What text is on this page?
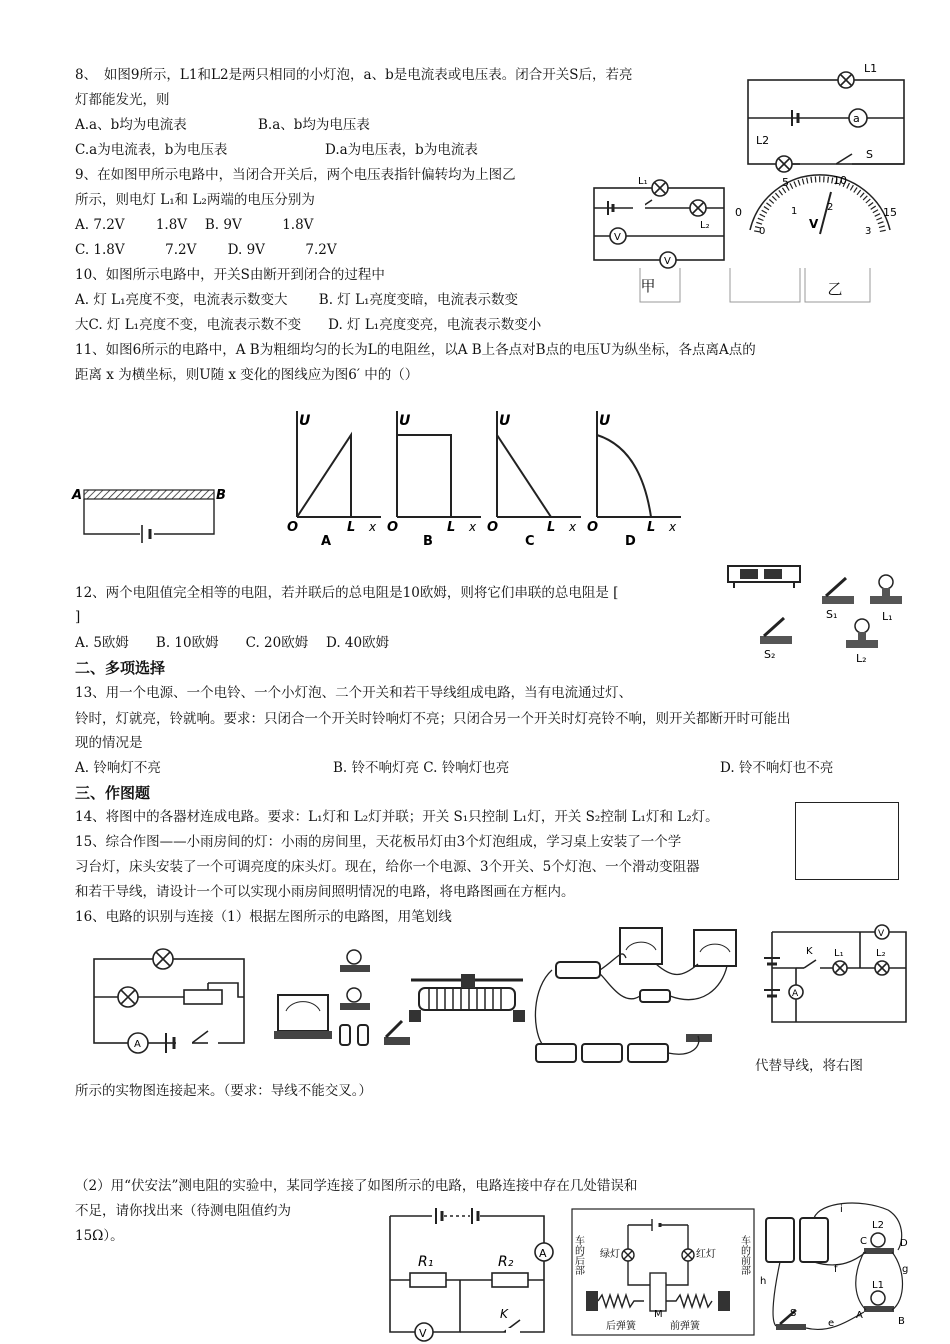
8、　如图9所示，L1和L2是两只相同的小灯泡，a、b是电流表或电压表。闭合开关S后，若亮
灯都能发光，则
A.a、b均为电流表	B.a、b均为电压表
C.a为电流表，b为电压表	D.a为电压表，b为电流表
L1
a
L2
S
9、在如图甲所示电路中，当闭合开关后，两个电压表指针偏转均为上图乙
所示，则电灯 L₁和 L₂两端的电压分别为
A. 7.2V　　 1.8V　 B. 9V　　　1.8V
C. 1.8V　　　7.2V　　 D. 9V　　　7.2V
L₁
L₂
V
V
0
5	10
15
0
1	2
3
V
甲	乙
10、如图所示电路中，开关S由断开到闭合的过程中
A. 灯 L₁亮度不变，电流表示数变大　　 B. 灯 L₁亮度变暗，电流表示数变
大C. 灯 L₁亮度不变，电流表示数不变　　D. 灯 L₁亮度变亮，电流表示数变小
11、如图6所示的电路中，A B为粗细均匀的长为L的电阻丝，以A B上各点对B点的电压U为纵坐标，各点离A点的
距离 x 为横坐标，则U随 x 变化的图线应为图6′ 中的（）
A	B
U
O	L x
A
U
O	L x
B
U
O	L x
C
U
O	L x
D
12、两个电阻值完全相等的电阻，若并联后的总电阻是10欧姆，则将它们串联的总电阻是 [
]
A. 5欧姆　　B. 10欧姆　　C. 20欧姆　 D. 40欧姆
S₁	L₁
S₂	L₂
二、多项选择
13、用一个电源、一个电铃、一个小灯泡、二个开关和若干导线组成电路，当有电流通过灯、
铃时，灯就亮，铃就响。要求：只闭合一个开关时铃响灯不亮；只闭合另一个开关时灯亮铃不响，则开关都断开时可能出
现的情况是
A. 铃响灯不亮	B. 铃不响灯亮 C. 铃响灯也亮	D. 铃不响灯也不亮
三、作图题
14、将图中的各器材连成电路。要求：L₁灯和 L₂灯并联；开关 S₁只控制 L₁灯，开关 S₂控制 L₁灯和 L₂灯。
15、综合作图——小雨房间的灯：小雨的房间里，天花板吊灯由3个灯泡组成，学习桌上安装了一个学
习台灯，床头安装了一个可调亮度的床头灯。现在，给你一个电源、3个开关、5个灯泡、一个滑动变阻器
和若干导线，请设计一个可以实现小雨房间照明情况的电路，将电路图画在方框内。
16、电路的识别与连接（1）根据左图所示的电路图，用笔划线
A
K L₁	L₂
V
A
代替导线，将右图
所示的实物图连接起来。（要求：导线不能交叉。）
（2）用“伏安法”测电阻的实验中，某同学连接了如图所示的电路，电路连接中存在几处错误和
不足，请你找出来（待测电阻值约为
15Ω）。
R₁	R₂
A
V
K
车的后部	车的前部
绿灯	红灯
M
后弹簧	前弹簧
i
L2
C	D
f
L1
g
h
S
e
A
B
